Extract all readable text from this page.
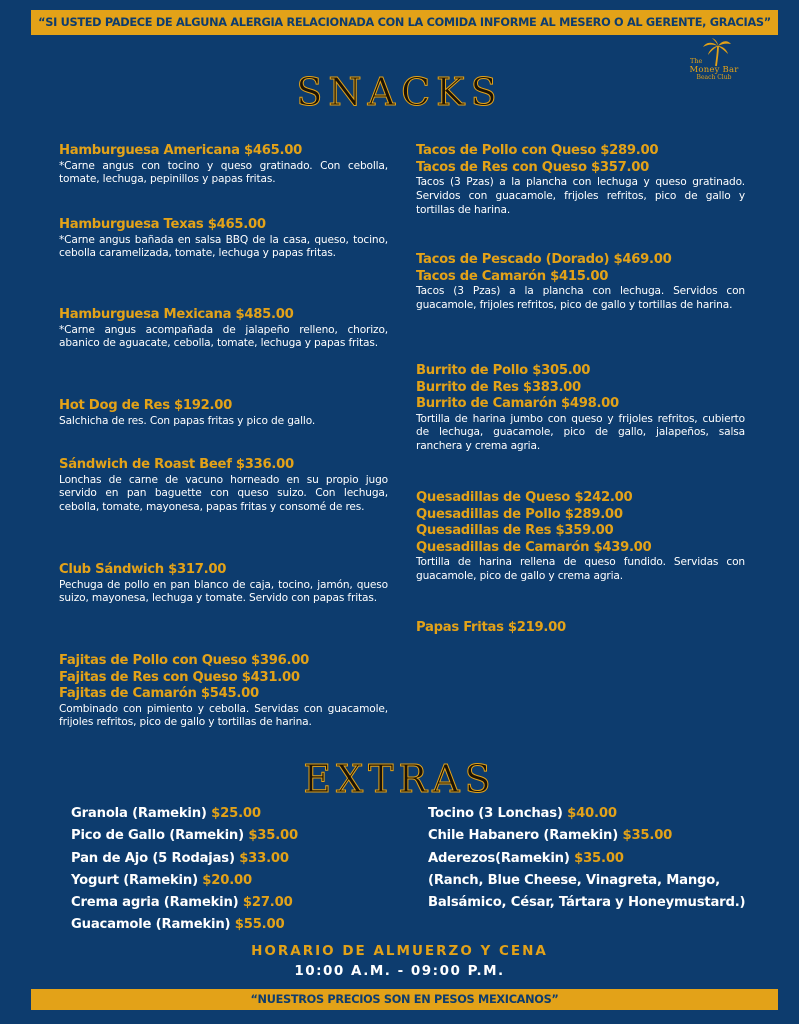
“SI USTED PADECE DE ALGUNA ALERGIA RELACIONADA CON LA COMIDA INFORME AL MESERO O AL GERENTE, GRACIAS”
The
Money Bar
Beach Club
SNACKS
Hamburguesa Americana $465.00
*Carne angus con tocino y queso gratinado. Con cebolla, tomate, lechuga, pepinillos y papas fritas.
Hamburguesa Texas $465.00
*Carne angus bañada en salsa BBQ de la casa, queso, tocino, cebolla caramelizada, tomate, lechuga y papas fritas.
Hamburguesa Mexicana $485.00
*Carne angus acompañada de jalapeño relleno, chorizo, abanico de aguacate, cebolla, tomate, lechuga y papas fritas.
Hot Dog de Res $192.00
Salchicha de res. Con papas fritas y pico de gallo.
Sándwich de Roast Beef $336.00
Lonchas de carne de vacuno horneado en su propio jugo servido en pan baguette con queso suizo. Con lechuga, cebolla, tomate, mayonesa, papas fritas y consomé de res.
Club Sándwich $317.00
Pechuga de pollo en pan blanco de caja, tocino, jamón, queso suizo, mayonesa, lechuga y tomate. Servido con papas fritas.
Fajitas de Pollo con Queso $396.00
Fajitas de Res con Queso $431.00
Fajitas de Camarón $545.00
Combinado con pimiento y cebolla. Servidas con guacamole, frijoles refritos, pico de gallo y tortillas de harina.
Tacos de Pollo con Queso $289.00
Tacos de Res con Queso $357.00
Tacos (3 Pzas) a la plancha con lechuga y queso gratinado. Servidos con guacamole, frijoles refritos, pico de gallo y tortillas de harina.
Tacos de Pescado (Dorado) $469.00
Tacos de Camarón $415.00
Tacos (3 Pzas) a la plancha con lechuga. Servidos con guacamole, frijoles refritos, pico de gallo y tortillas de harina.
Burrito de Pollo $305.00
Burrito de Res $383.00
Burrito de Camarón $498.00
Tortilla de harina jumbo con queso y frijoles refritos, cubierto de lechuga, guacamole, pico de gallo, jalapeños, salsa ranchera y crema agria.
Quesadillas de Queso $242.00
Quesadillas de Pollo $289.00
Quesadillas de Res $359.00
Quesadillas de Camarón $439.00
Tortilla de harina rellena de queso fundido. Servidas con guacamole, pico de gallo y crema agria.
Papas Fritas $219.00
EXTRAS
Granola (Ramekin) $25.00
Pico de Gallo (Ramekin) $35.00
Pan de Ajo (5 Rodajas) $33.00
Yogurt (Ramekin) $20.00
Crema agria (Ramekin) $27.00
Guacamole (Ramekin) $55.00
Tocino (3 Lonchas) $40.00
Chile Habanero (Ramekin) $35.00
Aderezos(Ramekin) $35.00
(Ranch, Blue Cheese, Vinagreta, Mango,
Balsámico, César, Tártara y Honeymustard.)
HORARIO DE ALMUERZO Y CENA
10:00 A.M. - 09:00 P.M.
“NUESTROS PRECIOS SON EN PESOS MEXICANOS”
